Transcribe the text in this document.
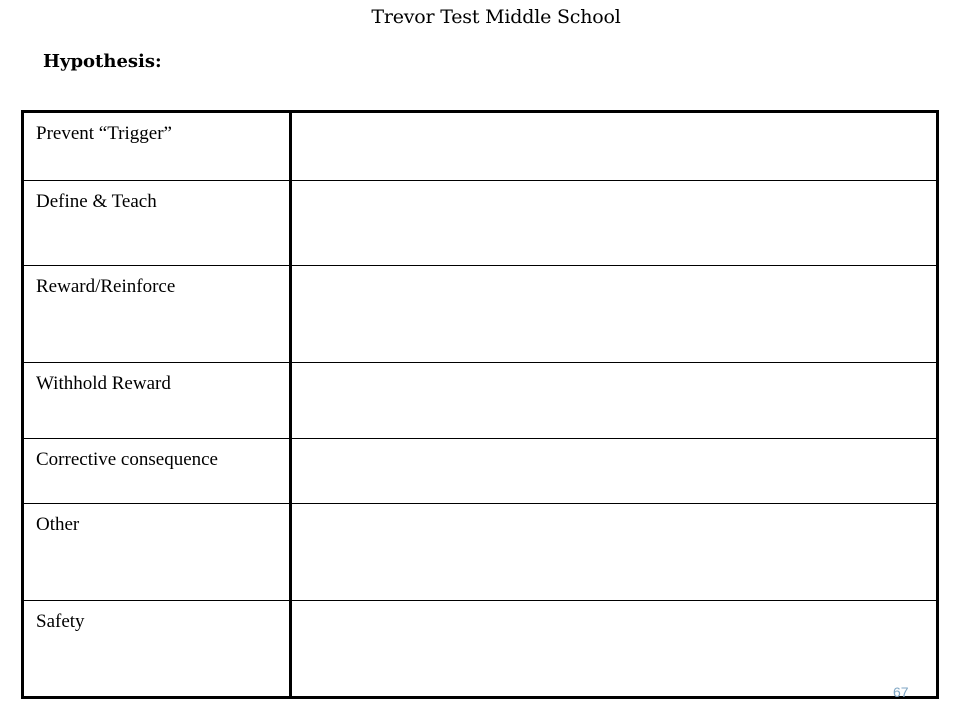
Trevor Test Middle School
Hypothesis:
Prevent “Trigger”	
Define & Teach	
Reward/Reinforce	
Withhold Reward	
Corrective consequence	
Other	
Safety	
67
